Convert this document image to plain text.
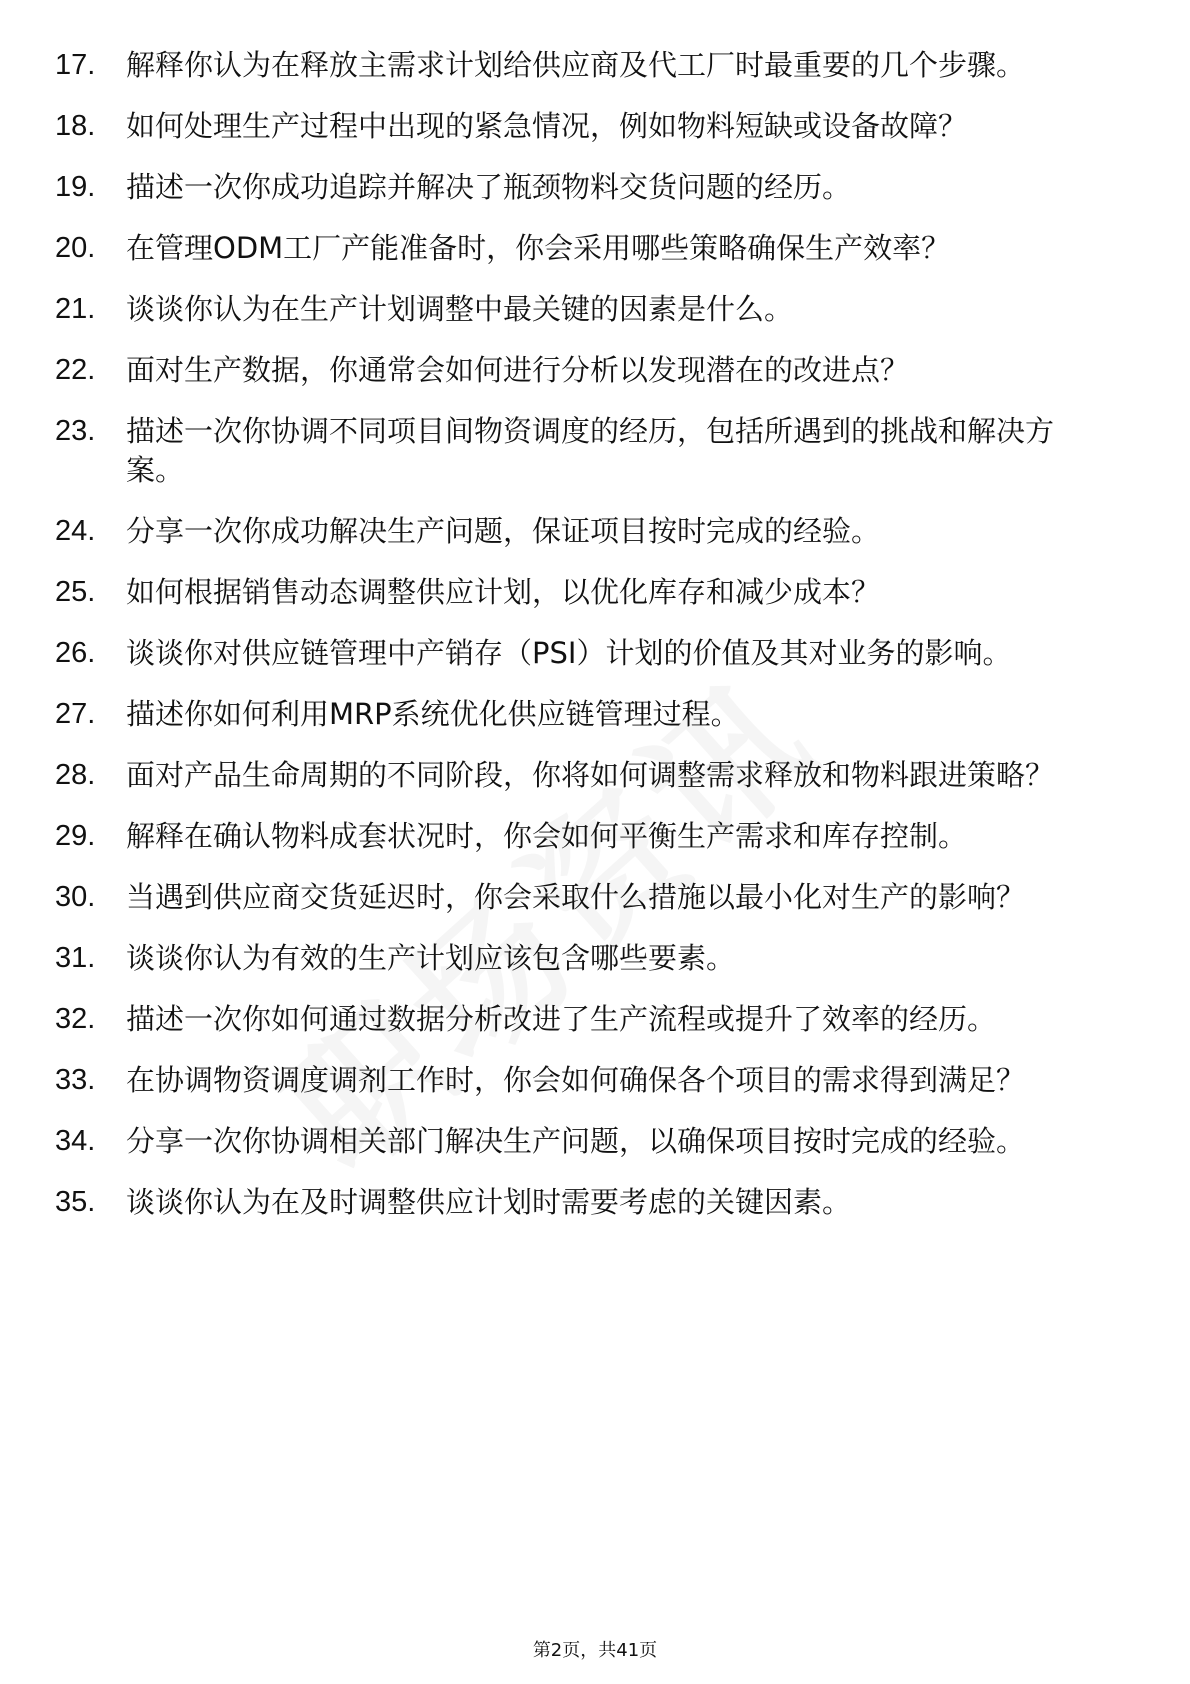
17.	解释你认为在释放主需求计划给供应商及代工厂时最重要的几个步骤。
18.	如何处理生产过程中出现的紧急情况，例如物料短缺或设备故障？
19.	描述一次你成功追踪并解决了瓶颈物料交货问题的经历。
20.	在管理ODM工厂产能准备时，你会采用哪些策略确保生产效率？
21.	谈谈你认为在生产计划调整中最关键的因素是什么。
22.	面对生产数据，你通常会如何进行分析以发现潜在的改进点？
23.	描述一次你协调不同项目间物资调度的经历，包括所遇到的挑战和解决方案。
24.	分享一次你成功解决生产问题，保证项目按时完成的经验。
25.	如何根据销售动态调整供应计划，以优化库存和减少成本？
26.	谈谈你对供应链管理中产销存（PSI）计划的价值及其对业务的影响。
27.	描述你如何利用MRP系统优化供应链管理过程。
28.	面对产品生命周期的不同阶段，你将如何调整需求释放和物料跟进策略？
29.	解释在确认物料成套状况时，你会如何平衡生产需求和库存控制。
30.	当遇到供应商交货延迟时，你会采取什么措施以最小化对生产的影响？
31.	谈谈你认为有效的生产计划应该包含哪些要素。
32.	描述一次你如何通过数据分析改进了生产流程或提升了效率的经历。
33.	在协调物资调度调剂工作时，你会如何确保各个项目的需求得到满足？
34.	分享一次你协调相关部门解决生产问题，以确保项目按时完成的经验。
35.	谈谈你认为在及时调整供应计划时需要考虑的关键因素。
第2页，共41页
